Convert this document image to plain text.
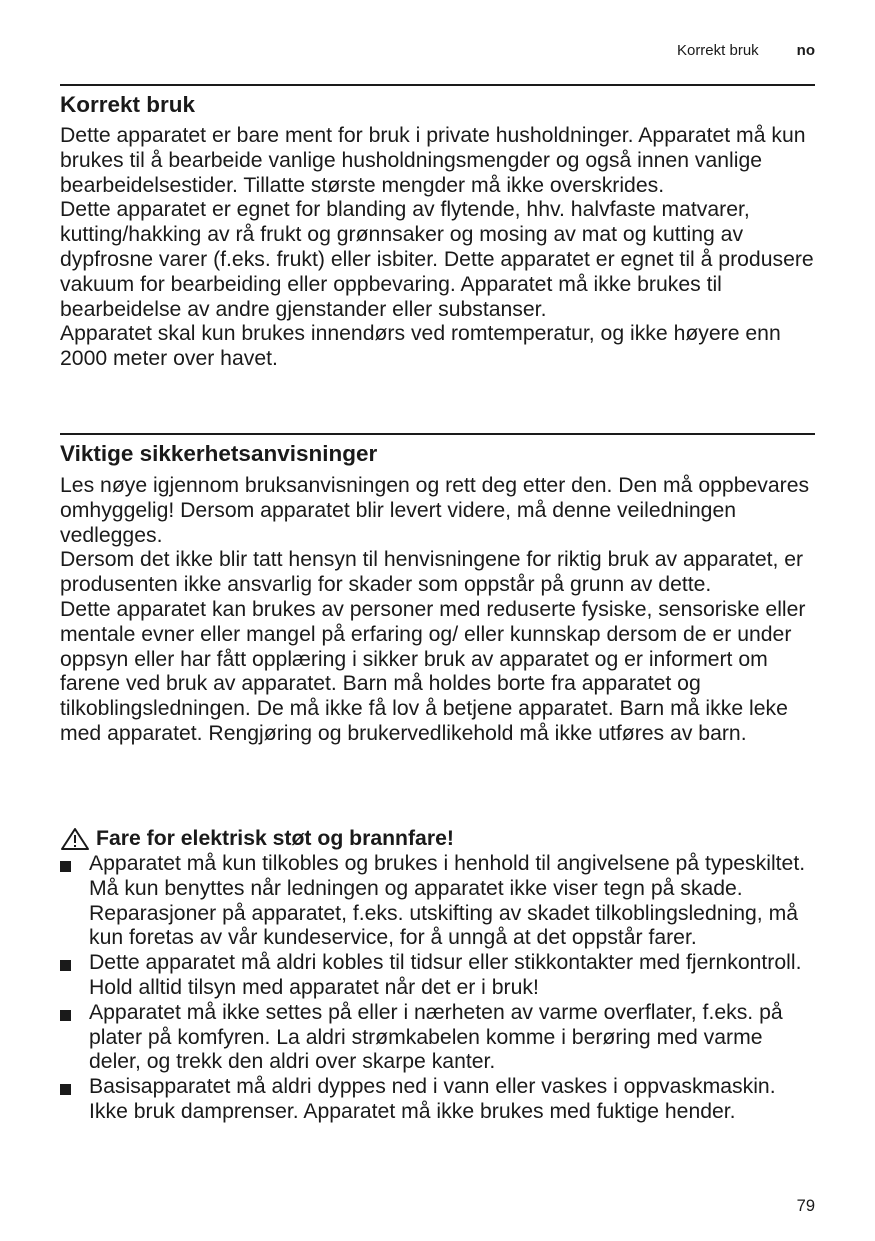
Korrekt bruk	no
Korrekt bruk

Dette apparatet er bare ment for bruk i private husholdninger. Apparatet må kun brukes til å bearbeide vanlige husholdningsmengder og også innen vanlige bearbeidelsestider. Tillatte største mengder må ikke overskrides.

Dette apparatet er egnet for blanding av flytende, hhv. halvfaste matvarer, kutting/hakking av rå frukt og grønnsaker og mosing av mat og kutting av dypfrosne varer (f.eks. frukt) eller isbiter. Dette apparatet er egnet til å produsere vakuum for bearbeiding eller oppbevaring. Apparatet må ikke brukes til bearbeidelse av andre gjenstander eller substanser.

Apparatet skal kun brukes innendørs ved romtemperatur, og ikke høyere enn 2000 meter over havet.

Viktige sikkerhetsanvisninger

Les nøye igjennom bruksanvisningen og rett deg etter den. Den må oppbevares omhyggelig! Dersom apparatet blir levert videre, må denne veiledningen vedlegges.

Dersom det ikke blir tatt hensyn til henvisningene for riktig bruk av apparatet, er produsenten ikke ansvarlig for skader som oppstår på grunn av dette.

Dette apparatet kan brukes av personer med reduserte fysiske, sensoriske eller mentale evner eller mangel på erfaring og/ eller kunnskap dersom de er under oppsyn eller har fått opplæring i sikker bruk av apparatet og er informert om farene ved bruk av apparatet. Barn må holdes borte fra apparatet og tilkoblingsledningen. De må ikke få lov å betjene apparatet. Barn må ikke leke med apparatet. Rengjøring og brukervedlikehold må ikke utføres av barn.

Fare for elektrisk støt og brannfare!
Apparatet må kun tilkobles og brukes i henhold til angivelsene på typeskiltet. Må kun benyttes når ledningen og apparatet ikke viser tegn på skade. Reparasjoner på apparatet, f.eks. utskifting av skadet tilkoblingsledning, må kun foretas av vår kundeservice, for å unngå at det oppstår farer.
Dette apparatet må aldri kobles til tidsur eller stikkontakter med fjernkontroll. Hold alltid tilsyn med apparatet når det er i bruk!
Apparatet må ikke settes på eller i nærheten av varme overflater, f.eks. på plater på komfyren. La aldri strømkabelen komme i berøring med varme deler, og trekk den aldri over skarpe kanter.
Basisapparatet må aldri dyppes ned i vann eller vaskes i oppvaskmaskin. Ikke bruk damprenser. Apparatet må ikke brukes med fuktige hender.
79
